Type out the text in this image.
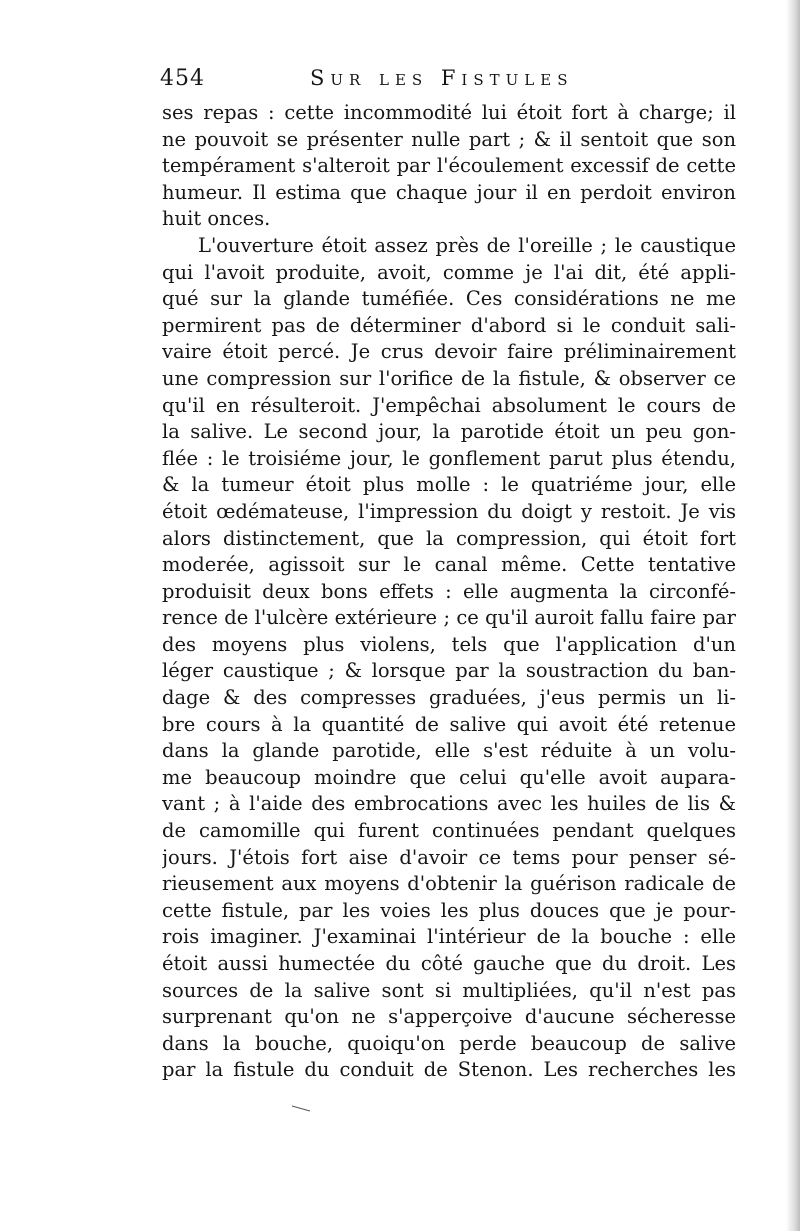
454	Sur les Fistules
ses repas : cette incommodité lui étoit fort à charge; il
ne pouvoit se présenter nulle part ; & il sentoit que son
tempérament s'alteroit par l'écoulement excessif de cette
humeur. Il estima que chaque jour il en perdoit environ
huit onces.
L'ouverture étoit assez près de l'oreille ; le caustique
qui l'avoit produite, avoit, comme je l'ai dit, été appli-
qué sur la glande tuméfiée. Ces considérations ne me
permirent pas de déterminer d'abord si le conduit sali-
vaire étoit percé. Je crus devoir faire préliminairement
une compression sur l'orifice de la fistule, & observer ce
qu'il en résulteroit. J'empêchai absolument le cours de
la salive. Le second jour, la parotide étoit un peu gon-
flée : le troisiéme jour, le gonflement parut plus étendu,
& la tumeur étoit plus molle : le quatriéme jour, elle
étoit œdémateuse, l'impression du doigt y restoit. Je vis
alors distinctement, que la compression, qui étoit fort
moderée, agissoit sur le canal même. Cette tentative
produisit deux bons effets : elle augmenta la circonfé-
rence de l'ulcère extérieure ; ce qu'il auroit fallu faire par
des moyens plus violens, tels que l'application d'un
léger caustique ; & lorsque par la soustraction du ban-
dage & des compresses graduées, j'eus permis un li-
bre cours à la quantité de salive qui avoit été retenue
dans la glande parotide, elle s'est réduite à un volu-
me beaucoup moindre que celui qu'elle avoit aupara-
vant ; à l'aide des embrocations avec les huiles de lis &
de camomille qui furent continuées pendant quelques
jours. J'étois fort aise d'avoir ce tems pour penser sé-
rieusement aux moyens d'obtenir la guérison radicale de
cette fistule, par les voies les plus douces que je pour-
rois imaginer. J'examinai l'intérieur de la bouche : elle
étoit aussi humectée du côté gauche que du droit. Les
sources de la salive sont si multipliées, qu'il n'est pas
surprenant qu'on ne s'apperçoive d'aucune sécheresse
dans la bouche, quoiqu'on perde beaucoup de salive
par la fistule du conduit de Stenon. Les recherches les
